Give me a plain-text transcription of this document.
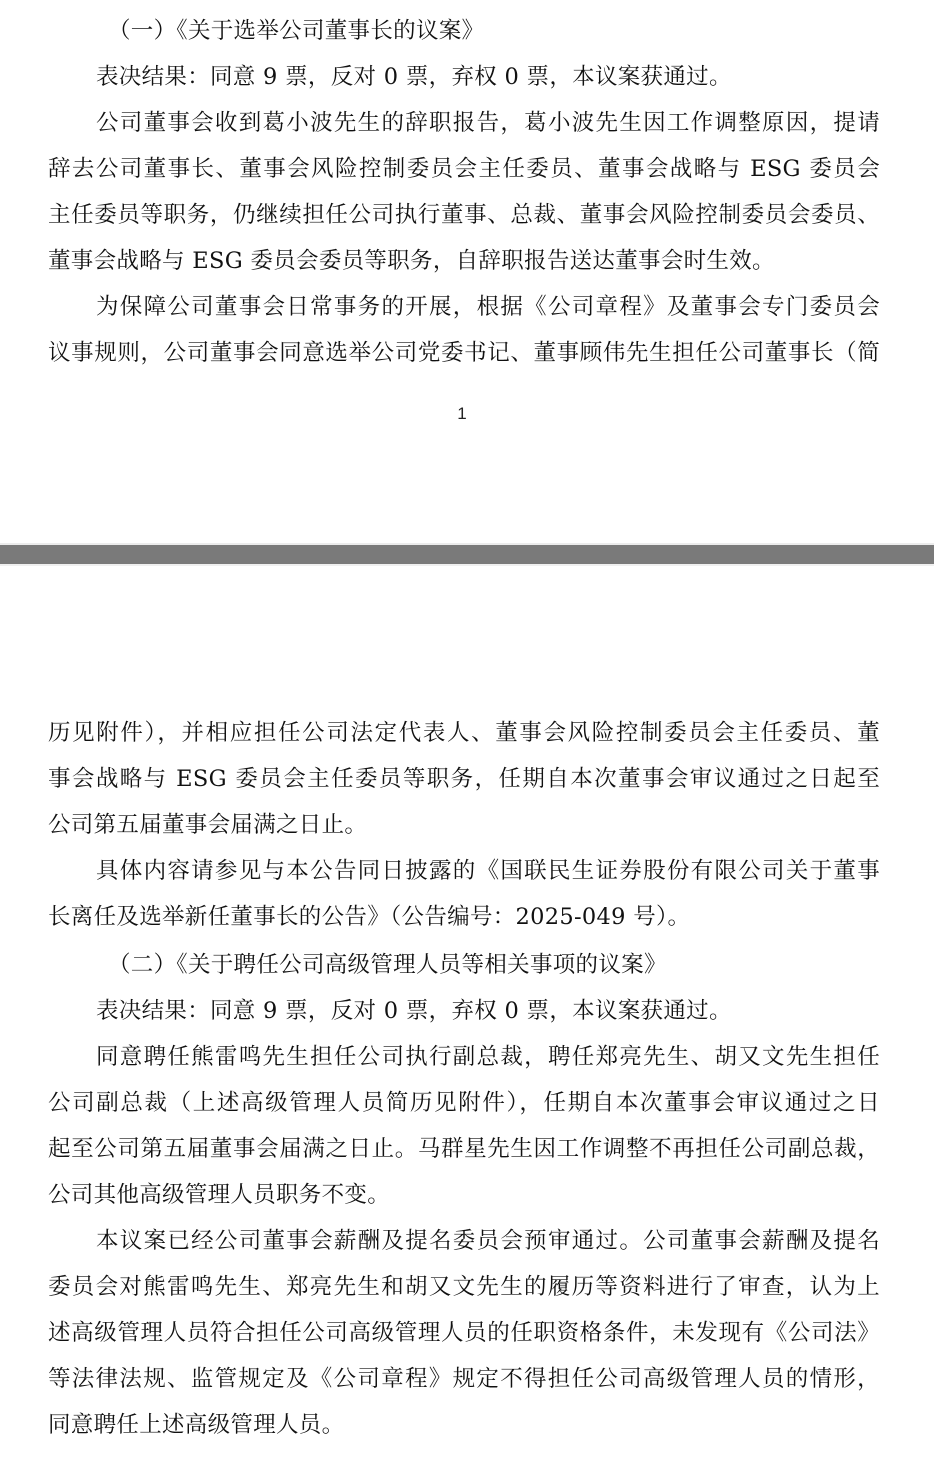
（一）《关于选举公司董事长的议案》
表决结果：同意 9 票，反对 0 票，弃权 0 票，本议案获通过。
公司董事会收到葛小波先生的辞职报告，葛小波先生因工作调整原因，提请
辞去公司董事长、董事会风险控制委员会主任委员、董事会战略与 ESG 委员会
主任委员等职务，仍继续担任公司执行董事、总裁、董事会风险控制委员会委员、
董事会战略与 ESG 委员会委员等职务，自辞职报告送达董事会时生效。
为保障公司董事会日常事务的开展，根据《公司章程》及董事会专门委员会
议事规则，公司董事会同意选举公司党委书记、董事顾伟先生担任公司董事长（简
1
历见附件），并相应担任公司法定代表人、董事会风险控制委员会主任委员、董
事会战略与 ESG 委员会主任委员等职务，任期自本次董事会审议通过之日起至
公司第五届董事会届满之日止。
具体内容请参见与本公告同日披露的《国联民生证券股份有限公司关于董事
长离任及选举新任董事长的公告》（公告编号：2025-049 号）。
（二）《关于聘任公司高级管理人员等相关事项的议案》
表决结果：同意 9 票，反对 0 票，弃权 0 票，本议案获通过。
同意聘任熊雷鸣先生担任公司执行副总裁，聘任郑亮先生、胡又文先生担任
公司副总裁（上述高级管理人员简历见附件），任期自本次董事会审议通过之日
起至公司第五届董事会届满之日止。马群星先生因工作调整不再担任公司副总裁，
公司其他高级管理人员职务不变。
本议案已经公司董事会薪酬及提名委员会预审通过。公司董事会薪酬及提名
委员会对熊雷鸣先生、郑亮先生和胡又文先生的履历等资料进行了审查，认为上
述高级管理人员符合担任公司高级管理人员的任职资格条件，未发现有《公司法》
等法律法规、监管规定及《公司章程》规定不得担任公司高级管理人员的情形，
同意聘任上述高级管理人员。
